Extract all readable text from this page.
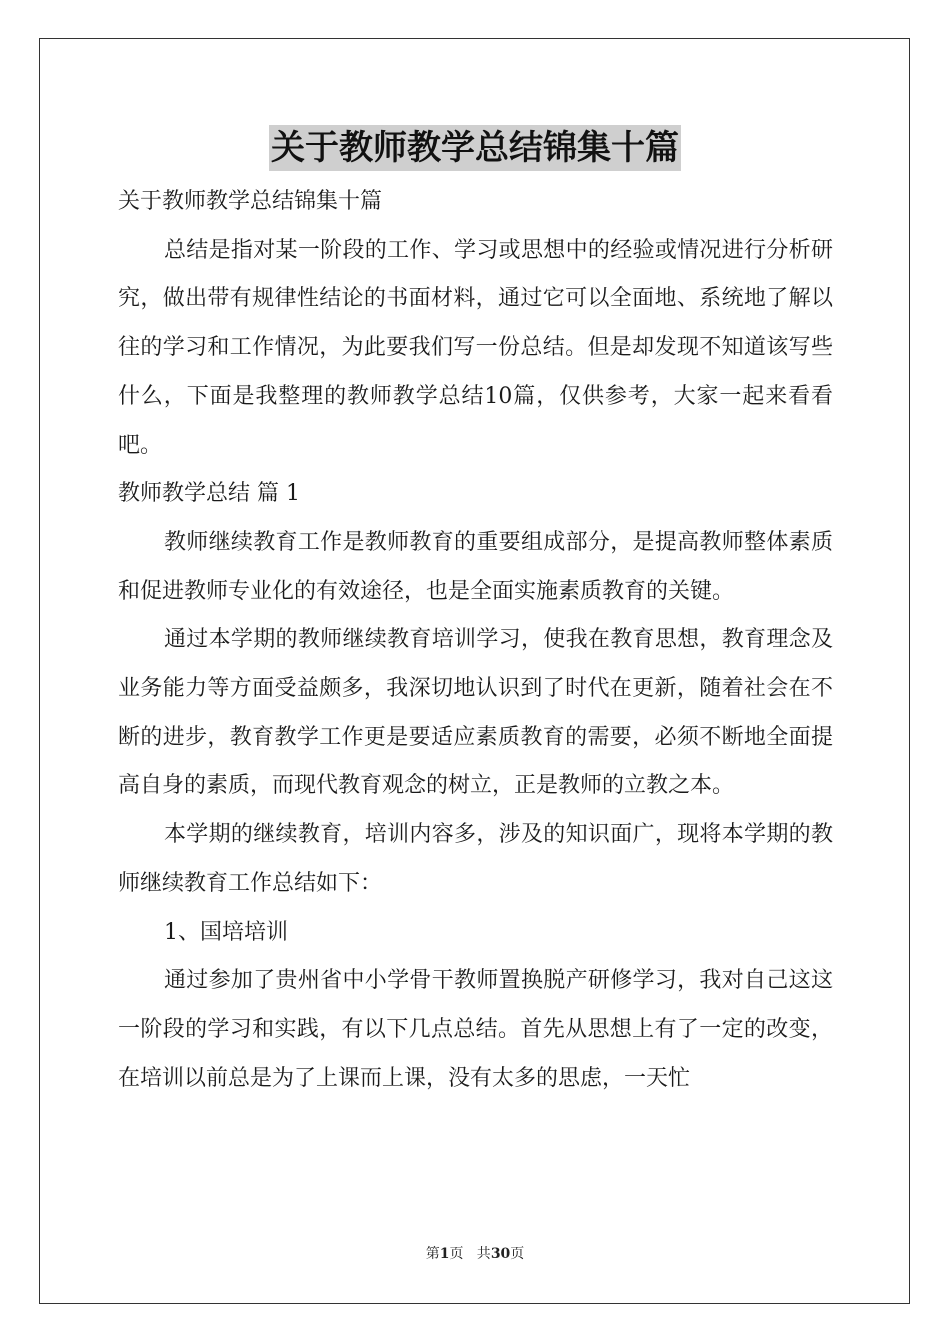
关于教师教学总结锦集十篇

关于教师教学总结锦集十篇

总结是指对某一阶段的工作、学习或思想中的经验或情况进行分析研究，做出带有规律性结论的书面材料，通过它可以全面地、系统地了解以往的学习和工作情况，为此要我们写一份总结。但是却发现不知道该写些什么，下面是我整理的教师教学总结10篇，仅供参考，大家一起来看看吧。

教师教学总结 篇 1

教师继续教育工作是教师教育的重要组成部分，是提高教师整体素质和促进教师专业化的有效途径，也是全面实施素质教育的关键。

通过本学期的教师继续教育培训学习，使我在教育思想，教育理念及业务能力等方面受益颇多，我深切地认识到了时代在更新，随着社会在不断的进步，教育教学工作更是要适应素质教育的需要，必须不断地全面提高自身的素质，而现代教育观念的树立，正是教师的立教之本。

本学期的继续教育，培训内容多，涉及的知识面广，现将本学期的教师继续教育工作总结如下：

1、国培培训

通过参加了贵州省中小学骨干教师置换脱产研修学习，我对自己这这一阶段的学习和实践，有以下几点总结。首先从思想上有了一定的改变，在培训以前总是为了上课而上课，没有太多的思虑，一天忙

第1页   共30页
